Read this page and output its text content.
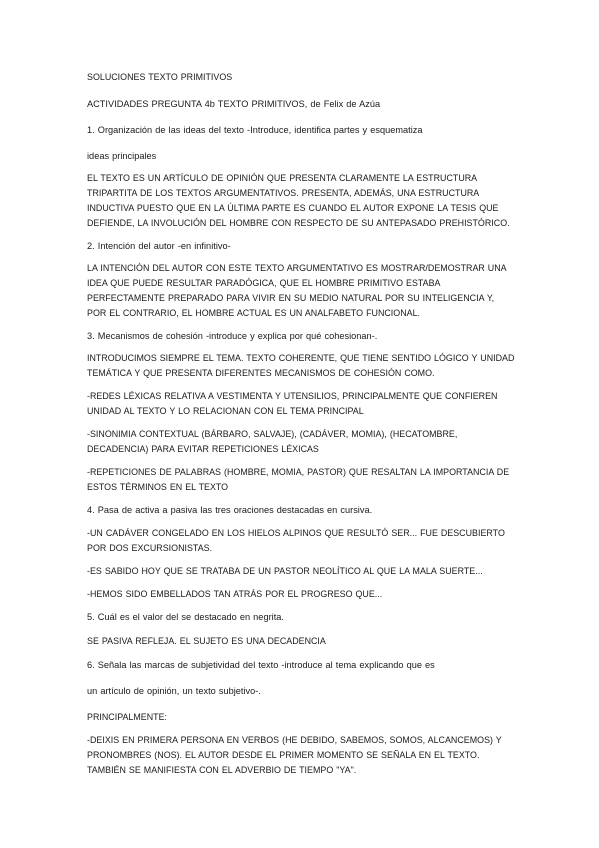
SOLUCIONES TEXTO PRIMITIVOS

ACTIVIDADES PREGUNTA 4b TEXTO PRIMITIVOS, de Felix de Azúa

1. Organización de las ideas del texto -Introduce, identifica partes y esquematiza

ideas principales

EL TEXTO ES UN ARTÍCULO DE OPINIÓN QUE PRESENTA CLARAMENTE LA ESTRUCTURA TRIPARTITA DE LOS TEXTOS ARGUMENTATIVOS. PRESENTA, ADEMÁS, UNA ESTRUCTURA INDUCTIVA PUESTO QUE EN LA ÚLTIMA PARTE ES CUANDO EL AUTOR EXPONE LA TESIS QUE DEFIENDE, LA INVOLUCIÓN DEL HOMBRE CON RESPECTO DE SU ANTEPASADO PREHISTÓRICO.

2. Intención del autor -en infinitivo-

LA INTENCIÓN DEL AUTOR CON ESTE TEXTO ARGUMENTATIVO ES MOSTRAR/DEMOSTRAR UNA IDEA QUE PUEDE RESULTAR PARADÓGICA, QUE EL HOMBRE PRIMITIVO ESTABA PERFECTAMENTE PREPARADO PARA VIVIR EN SU MEDIO NATURAL POR SU INTELIGENCIA Y, POR EL CONTRARIO, EL HOMBRE ACTUAL ES UN ANALFABETO FUNCIONAL.

3. Mecanismos de cohesión -introduce y explica por qué cohesionan-.

INTRODUCIMOS SIEMPRE EL TEMA. TEXTO COHERENTE, QUE TIENE SENTIDO LÓGICO Y UNIDAD TEMÁTICA Y QUE PRESENTA DIFERENTES MECANISMOS DE COHESIÓN COMO.

-REDES LÉXICAS RELATIVA A VESTIMENTA Y UTENSILIOS, PRINCIPALMENTE QUE CONFIEREN UNIDAD AL TEXTO Y LO RELACIONAN CON EL TEMA PRINCIPAL

-SINONIMIA CONTEXTUAL (BÁRBARO, SALVAJE), (CADÁVER, MOMIA), (HECATOMBRE, DECADENCIA) PARA EVITAR REPETICIONES LÉXICAS

-REPETICIONES DE PALABRAS (HOMBRE, MOMIA, PASTOR) QUE RESALTAN LA IMPORTANCIA DE ESTOS TÉRMINOS EN EL TEXTO

4. Pasa de activa a pasiva las tres oraciones destacadas en cursiva.

-UN CADÁVER CONGELADO EN LOS HIELOS ALPINOS QUE RESULTÓ SER... FUE DESCUBIERTO POR DOS EXCURSIONISTAS.

-ES SABIDO HOY QUE SE TRATABA DE UN PASTOR NEOLÍTICO AL QUE LA MALA SUERTE...

-HEMOS SIDO EMBELLADOS TAN ATRÁS POR EL PROGRESO QUE...

5. Cuál es el valor del se destacado en negrita.

SE PASIVA REFLEJA. EL SUJETO ES UNA DECADENCIA

6. Señala las marcas de subjetividad del texto -introduce al tema explicando que es

un artículo de opinión, un texto subjetivo-.

PRINCIPALMENTE:

-DEIXIS EN PRIMERA PERSONA EN VERBOS (HE DEBIDO, SABEMOS, SOMOS, ALCANCEMOS) Y PRONOMBRES (NOS). EL AUTOR DESDE EL PRIMER MOMENTO SE SEÑALA EN EL TEXTO. TAMBIÉN SE MANIFIESTA CON EL ADVERBIO DE TIEMPO "YA".
